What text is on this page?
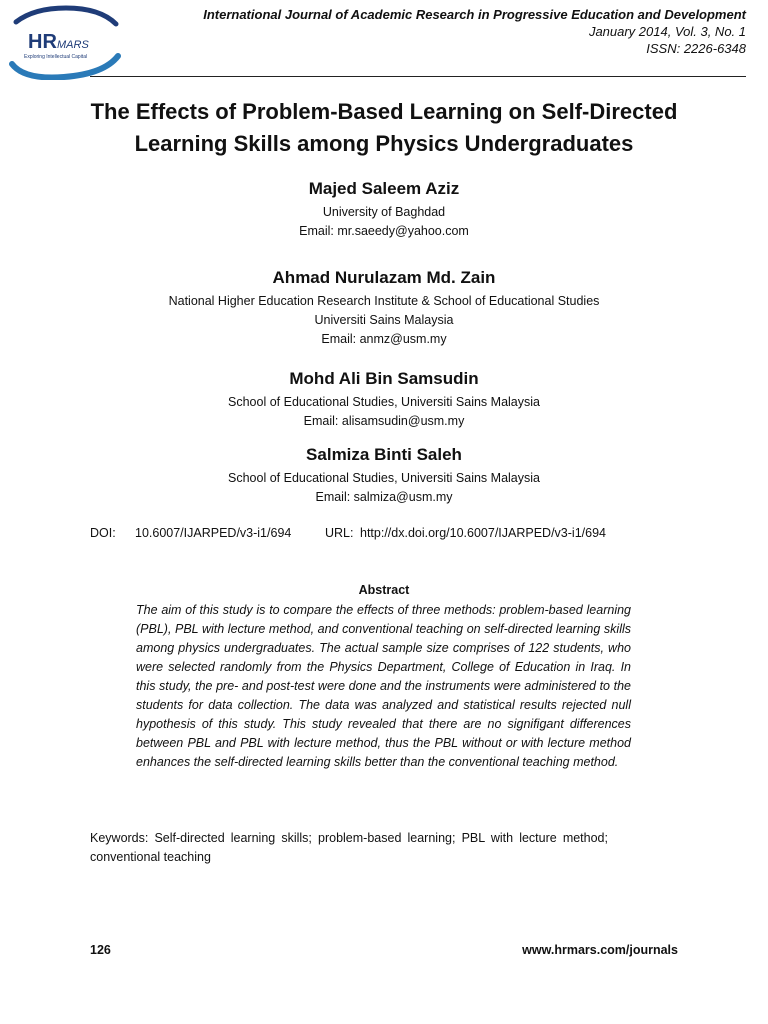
HR MARS
Exploring Intellectual Capital
International Journal of Academic Research in Progressive Education and Development
January 2014, Vol. 3, No. 1
ISSN: 2226-6348
The Effects of Problem-Based Learning on Self-Directed
Learning Skills among Physics Undergraduates
Majed Saleem Aziz
University of Baghdad
Email: mr.saeedy@yahoo.com
Ahmad Nurulazam Md. Zain
National Higher Education Research Institute & School of Educational Studies
Universiti Sains Malaysia
Email: anmz@usm.my
Mohd Ali Bin Samsudin
School of Educational Studies, Universiti Sains Malaysia
Email: alisamsudin@usm.my
Salmiza Binti Saleh
School of Educational Studies, Universiti Sains Malaysia
Email: salmiza@usm.my
DOI: 10.6007/IJARPED/v3-i1/694	URL: http://dx.doi.org/10.6007/IJARPED/v3-i1/694
Abstract
The aim of this study is to compare the effects of three methods: problem-based learning (PBL), PBL with lecture method, and conventional teaching on self-directed learning skills among physics undergraduates. The actual sample size comprises of 122 students, who were selected randomly from the Physics Department, College of Education in Iraq. In this study, the pre- and post-test were done and the instruments were administered to the students for data collection. The data was analyzed and statistical results rejected null hypothesis of this study. This study revealed that there are no signifigant differences between PBL and PBL with lecture method, thus the PBL without or with lecture method enhances the self-directed learning skills better than the conventional teaching method.
Keywords: Self-directed learning skills; problem-based learning; PBL with lecture method; conventional teaching
126	www.hrmars.com/journals
